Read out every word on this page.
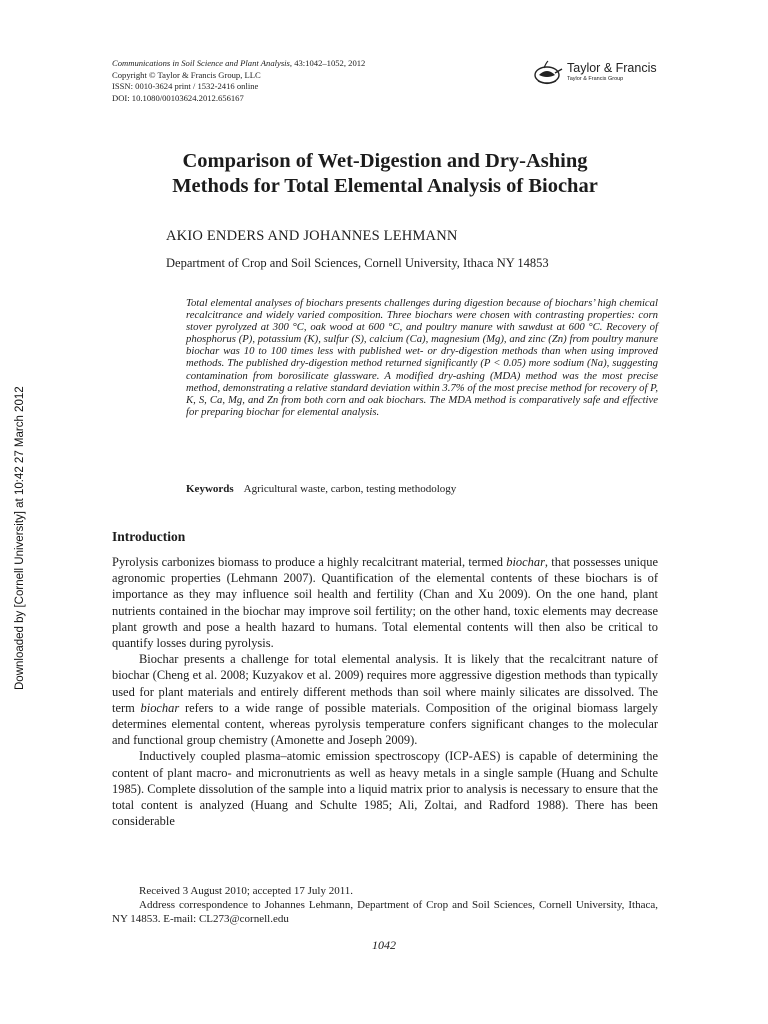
Communications in Soil Science and Plant Analysis, 43:1042–1052, 2012
Copyright © Taylor & Francis Group, LLC
ISSN: 0010-3624 print / 1532-2416 online
DOI: 10.1080/00103624.2012.656167
Taylor & Francis
Taylor & Francis Group
Comparison of Wet-Digestion and Dry-Ashing
Methods for Total Elemental Analysis of Biochar
AKIO ENDERS AND JOHANNES LEHMANN
Department of Crop and Soil Sciences, Cornell University, Ithaca NY 14853
Total elemental analyses of biochars presents challenges during digestion because of biochars’ high chemical recalcitrance and widely varied composition. Three biochars were chosen with contrasting properties: corn stover pyrolyzed at 300 °C, oak wood at 600 °C, and poultry manure with sawdust at 600 °C. Recovery of phosphorus (P), potassium (K), sulfur (S), calcium (Ca), magnesium (Mg), and zinc (Zn) from poultry manure biochar was 10 to 100 times less with published wet- or dry-digestion methods than when using improved methods. The published dry-digestion method returned significantly (P < 0.05) more sodium (Na), suggesting contamination from borosilicate glassware. A modified dry-ashing (MDA) method was the most precise method, demonstrating a relative standard deviation within 3.7% of the most precise method for recovery of P, K, S, Ca, Mg, and Zn from both corn and oak biochars. The MDA method is comparatively safe and effective for preparing biochar for elemental analysis.
Keywords Agricultural waste, carbon, testing methodology
Introduction

Pyrolysis carbonizes biomass to produce a highly recalcitrant material, termed biochar, that possesses unique agronomic properties (Lehmann 2007). Quantification of the elemental contents of these biochars is of importance as they may influence soil health and fertility (Chan and Xu 2009). On the one hand, plant nutrients contained in the biochar may improve soil fertility; on the other hand, toxic elements may decrease plant growth and pose a health hazard to humans. Total elemental contents will then also be critical to quantify losses during pyrolysis.

Biochar presents a challenge for total elemental analysis. It is likely that the recalcitrant nature of biochar (Cheng et al. 2008; Kuzyakov et al. 2009) requires more aggressive digestion methods than typically used for plant materials and entirely different methods than soil where mainly silicates are dissolved. The term biochar refers to a wide range of possible materials. Composition of the original biomass largely determines elemental content, whereas pyrolysis temperature confers significant changes to the molecular and functional group chemistry (Amonette and Joseph 2009).

Inductively coupled plasma–atomic emission spectroscopy (ICP-AES) is capable of determining the content of plant macro- and micronutrients as well as heavy metals in a single sample (Huang and Schulte 1985). Complete dissolution of the sample into a liquid matrix prior to analysis is necessary to ensure that the total content is analyzed (Huang and Schulte 1985; Ali, Zoltai, and Radford 1988). There has been considerable

Received 3 August 2010; accepted 17 July 2011.

Address correspondence to Johannes Lehmann, Department of Crop and Soil Sciences, Cornell University, Ithaca, NY 14853. E-mail: CL273@cornell.edu

1042
Downloaded by [Cornell University] at 10:42 27 March 2012
